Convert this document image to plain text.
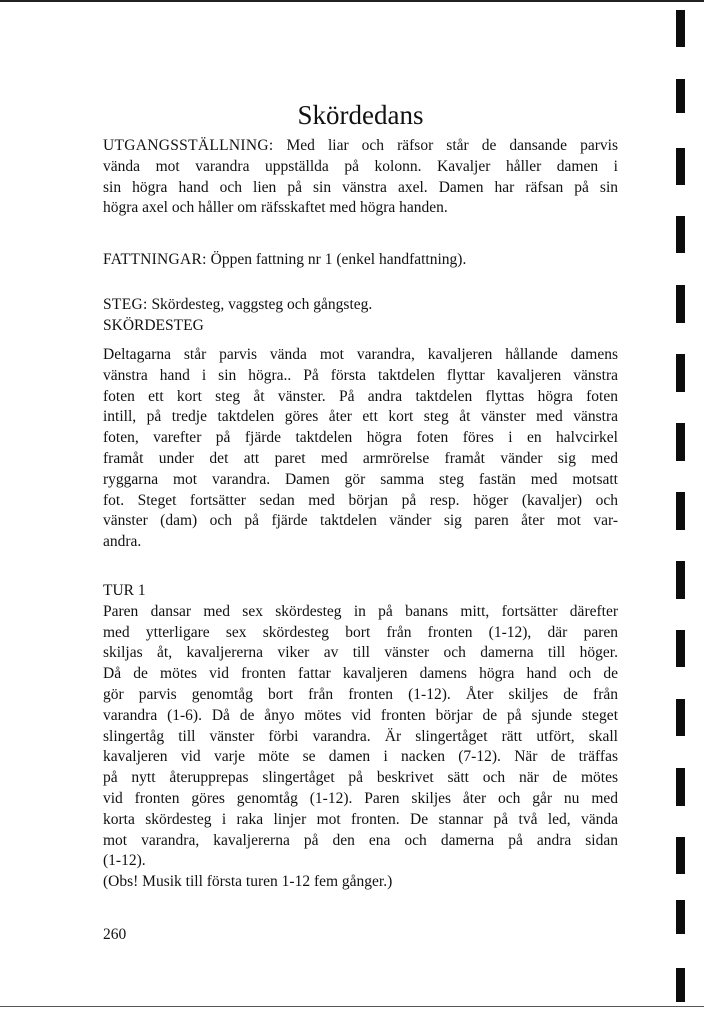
Skördedans
UTGANGSSTÄLLNING: Med liar och räfsor står de dansande parvis
vända mot varandra uppställda på kolonn. Kavaljer håller damen i
sin högra hand och lien på sin vänstra axel. Damen har räfsan på sin
högra axel och håller om räfsskaftet med högra handen.
FATTNINGAR: Öppen fattning nr 1 (enkel handfattning).
STEG: Skördesteg, vaggsteg och gångsteg.
SKÖRDESTEG
Deltagarna står parvis vända mot varandra, kavaljeren hållande damens
vänstra hand i sin högra.. På första taktdelen flyttar kavaljeren vänstra
foten ett kort steg åt vänster. På andra taktdelen flyttas högra foten
intill, på tredje taktdelen göres åter ett kort steg åt vänster med vänstra
foten, varefter på fjärde taktdelen högra foten föres i en halvcirkel
framåt under det att paret med armrörelse framåt vänder sig med
ryggarna mot varandra. Damen gör samma steg fastän med motsatt
fot. Steget fortsätter sedan med början på resp. höger (kavaljer) och
vänster (dam) och på fjärde taktdelen vänder sig paren åter mot var-
andra.
TUR 1
Paren dansar med sex skördesteg in på banans mitt, fortsätter därefter
med ytterligare sex skördesteg bort från fronten (1-12), där paren
skiljas åt, kavaljererna viker av till vänster och damerna till höger.
Då de mötes vid fronten fattar kavaljeren damens högra hand och de
gör parvis genomtåg bort från fronten (1-12). Åter skiljes de från
varandra (1-6). Då de ånyo mötes vid fronten börjar de på sjunde steget
slingertåg till vänster förbi varandra. Är slingertåget rätt utfört, skall
kavaljeren vid varje möte se damen i nacken (7-12). När de träffas
på nytt återupprepas slingertåget på beskrivet sätt och när de mötes
vid fronten göres genomtåg (1-12). Paren skiljes åter och går nu med
korta skördesteg i raka linjer mot fronten. De stannar på två led, vända
mot varandra, kavaljererna på den ena och damerna på andra sidan
(1-12).
(Obs! Musik till första turen 1-12 fem gånger.)
260
